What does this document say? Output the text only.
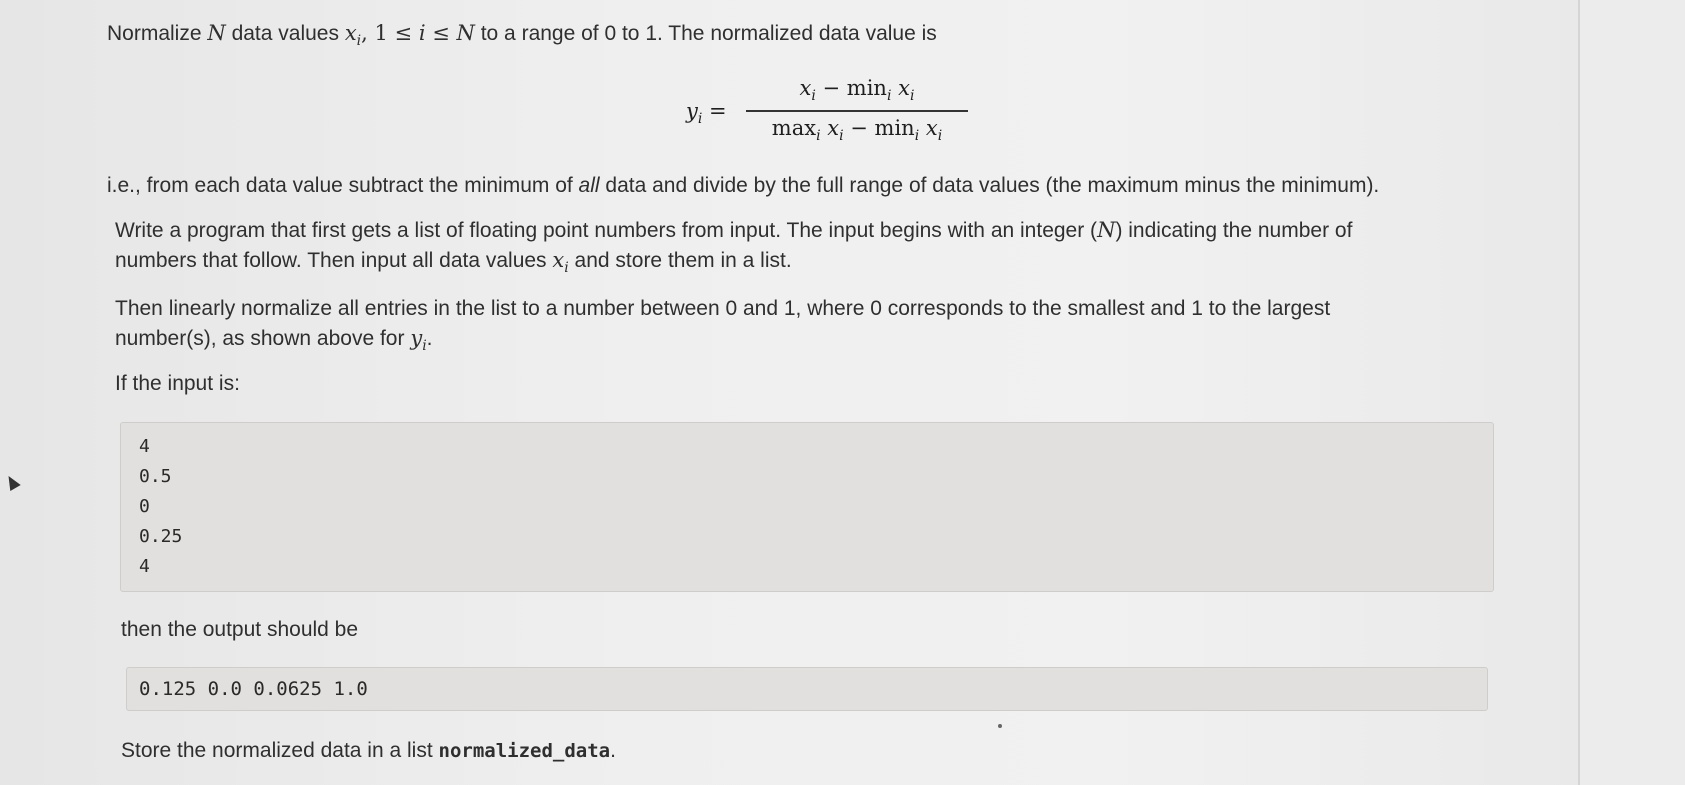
Normalize N data values $x_i$, 1 ≤ i ≤ N to a range of 0 to 1. The normalized data value is
$y_i$ =
$x_i - \min_i x_i$
$\max_i x_i - \min_i x_i$
i.e., from each data value subtract the minimum of all data and divide by the full range of data values (the maximum minus the minimum).
Write a program that first gets a list of floating point numbers from input. The input begins with an integer (N) indicating the number of
numbers that follow. Then input all data values $x_i$ and store them in a list.
Then linearly normalize all entries in the list to a number between 0 and 1, where 0 corresponds to the smallest and 1 to the largest
number(s), as shown above for $y_i$.
If the input is:
4
0.5
0
0.25
4
then the output should be
0.125 0.0 0.0625 1.0
Store the normalized data in a list normalized_data.
